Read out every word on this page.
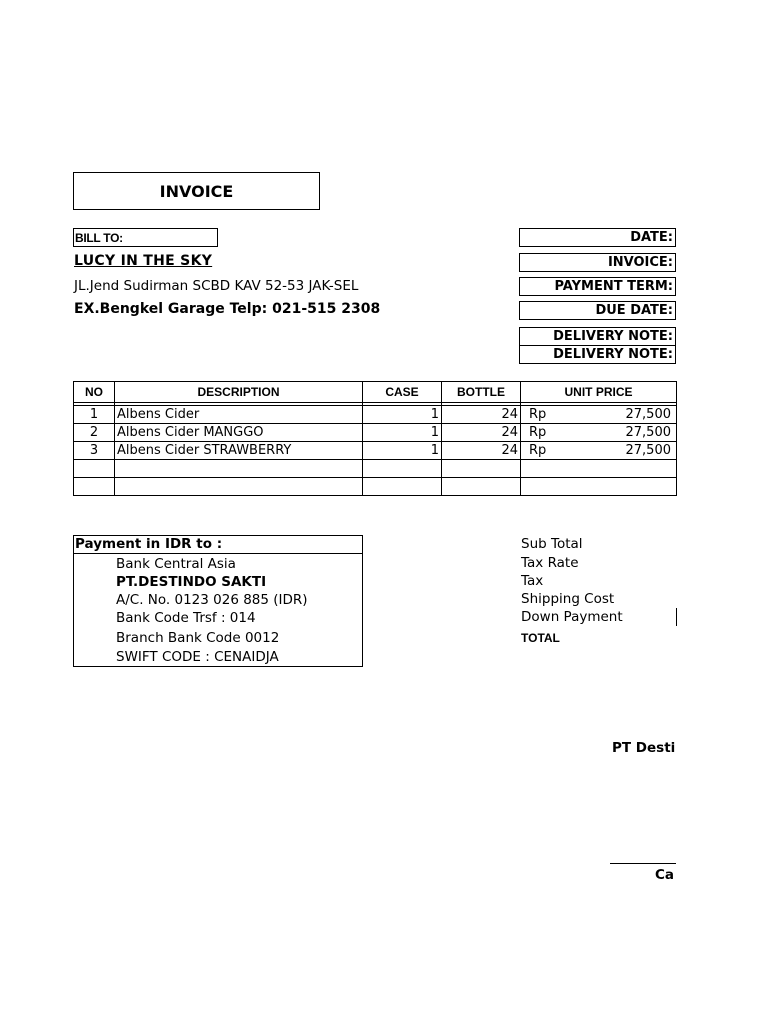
INVOICE
BILL TO:
LUCY IN THE SKY
JL.Jend Sudirman SCBD KAV 52-53 JAK-SEL
EX.Bengkel Garage Telp: 021-515 2308
DATE:
INVOICE:
PAYMENT TERM:
DUE DATE:
DELIVERY NOTE:
DELIVERY NOTE:
NO	DESCRIPTION	CASE	BOTTLE	UNIT PRICE

1	Albens Cider	1	24	Rp 27,500

2	Albens Cider MANGGO	1	24	Rp 27,500

3	Albens Cider STRAWBERRY	1	24	Rp 27,500

Payment in IDR to :
Bank Central Asia
PT.DESTINDO SAKTI
A/C. No. 0123 026 885 (IDR)
Bank Code Trsf : 014
Branch Bank Code 0012
SWIFT CODE : CENAIDJA
Sub Total
Tax Rate
Tax
Shipping Cost
Down Payment
TOTAL
PT Desti
Ca
